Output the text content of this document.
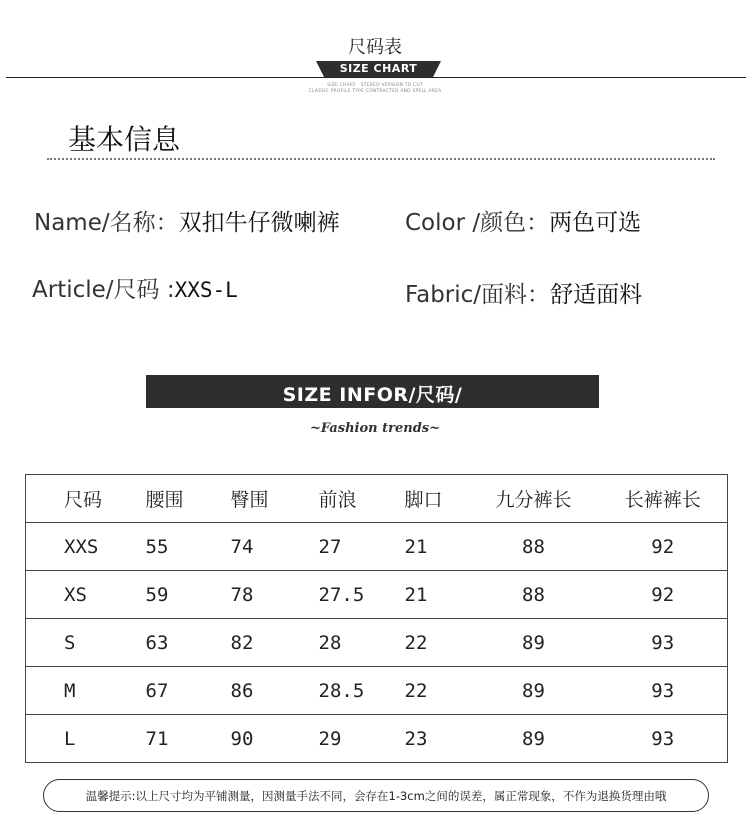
尺码表
SIZE CHART
SIZE CHART · STEREO VERSION TO CUT
CLASSIC PROFILE TYPE CONTRACTED AND SPELL AREA
基本信息
Name/名称：双扣牛仔微喇裤	Color /颜色：两色可选
Article/尺码 :XXS-L	Fabric/面料：舒适面料
SIZE INFOR/尺码/
~Fashion trends~
尺码	腰围	臀围	前浪	脚口	九分裤长	长裤裤长
XXS	55	74	27	21	88	92
XS	59	78	27.5	21	88	92
S	63	82	28	22	89	93
M	67	86	28.5	22	89	93
L	71	90	29	23	89	93
温馨提示:以上尺寸均为平铺测量，因测量手法不同，会存在1-3cm之间的误差，属正常现象，不作为退换货理由哦
